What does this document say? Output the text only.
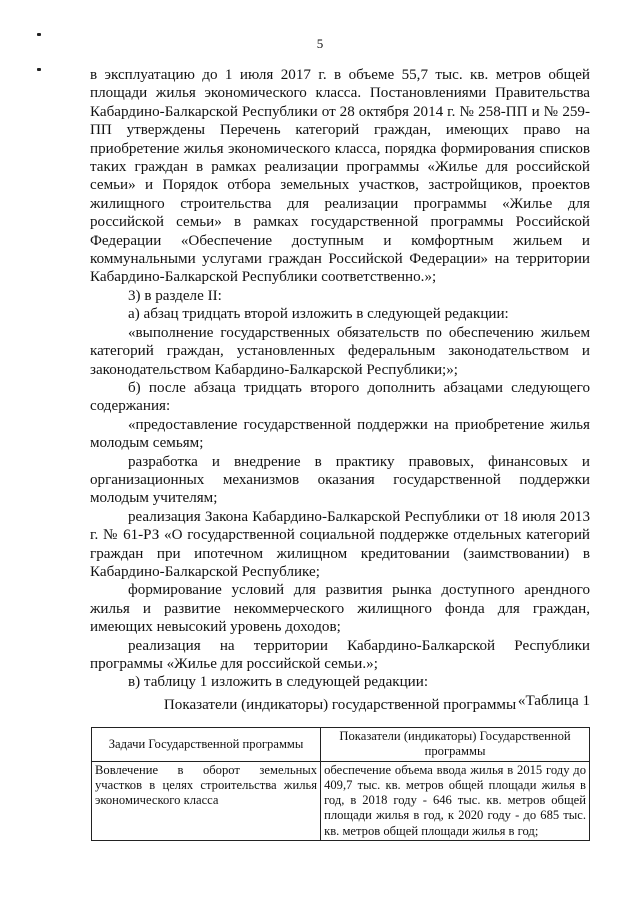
5

в эксплуатацию до 1 июля 2017 г. в объеме 55,7 тыс. кв. метров общей площади жилья экономического класса. Постановлениями Правительства Кабардино-Балкарской Республики от 28 октября 2014 г. № 258-ПП и № 259-ПП утверждены Перечень категорий граждан, имеющих право на приобретение жилья экономического класса, порядка формирования списков таких граждан в рамках реализации программы «Жилье для российской семьи» и Порядок отбора земельных участков, застройщиков, проектов жилищного строительства для реализации программы «Жилье для российской семьи» в рамках государственной программы Российской Федерации «Обеспечение доступным и комфортным жильем и коммунальными услугами граждан Российской Федерации» на территории Кабардино-Балкарской Республики соответственно.»;

3) в разделе II:

а) абзац тридцать второй изложить в следующей редакции:

«выполнение государственных обязательств по обеспечению жильем категорий граждан, установленных федеральным законодательством и законодательством Кабардино-Балкарской Республики;»;

б) после абзаца тридцать второго дополнить абзацами следующего содержания:

«предоставление государственной поддержки на приобретение жилья молодым семьям;

разработка и внедрение в практику правовых, финансовых и организационных механизмов оказания государственной поддержки молодым учителям;

реализация Закона Кабардино-Балкарской Республики от 18 июля 2013 г. № 61-РЗ «О государственной социальной поддержке отдельных категорий граждан при ипотечном жилищном кредитовании (заимствовании) в Кабардино-Балкарской Республике;

формирование условий для развития рынка доступного арендного жилья и развитие некоммерческого жилищного фонда для граждан, имеющих невысокий уровень доходов;

реализация на территории Кабардино-Балкарской Республики программы «Жилье для российской семьи.»;

в) таблицу 1 изложить в следующей редакции:

«Таблица 1

Показатели (индикаторы) государственной программы
Задачи Государственной программы	Показатели (индикаторы) Государственной программы
Вовлечение в оборот земельных участков в целях строительства жилья экономического класса	обеспечение объема ввода жилья в 2015 году до 409,7 тыс. кв. метров общей площади жилья в год, в 2018 году - 646 тыс. кв. метров общей площади жилья в год, к 2020 году - до 685 тыс. кв. метров общей площади жилья в год;
